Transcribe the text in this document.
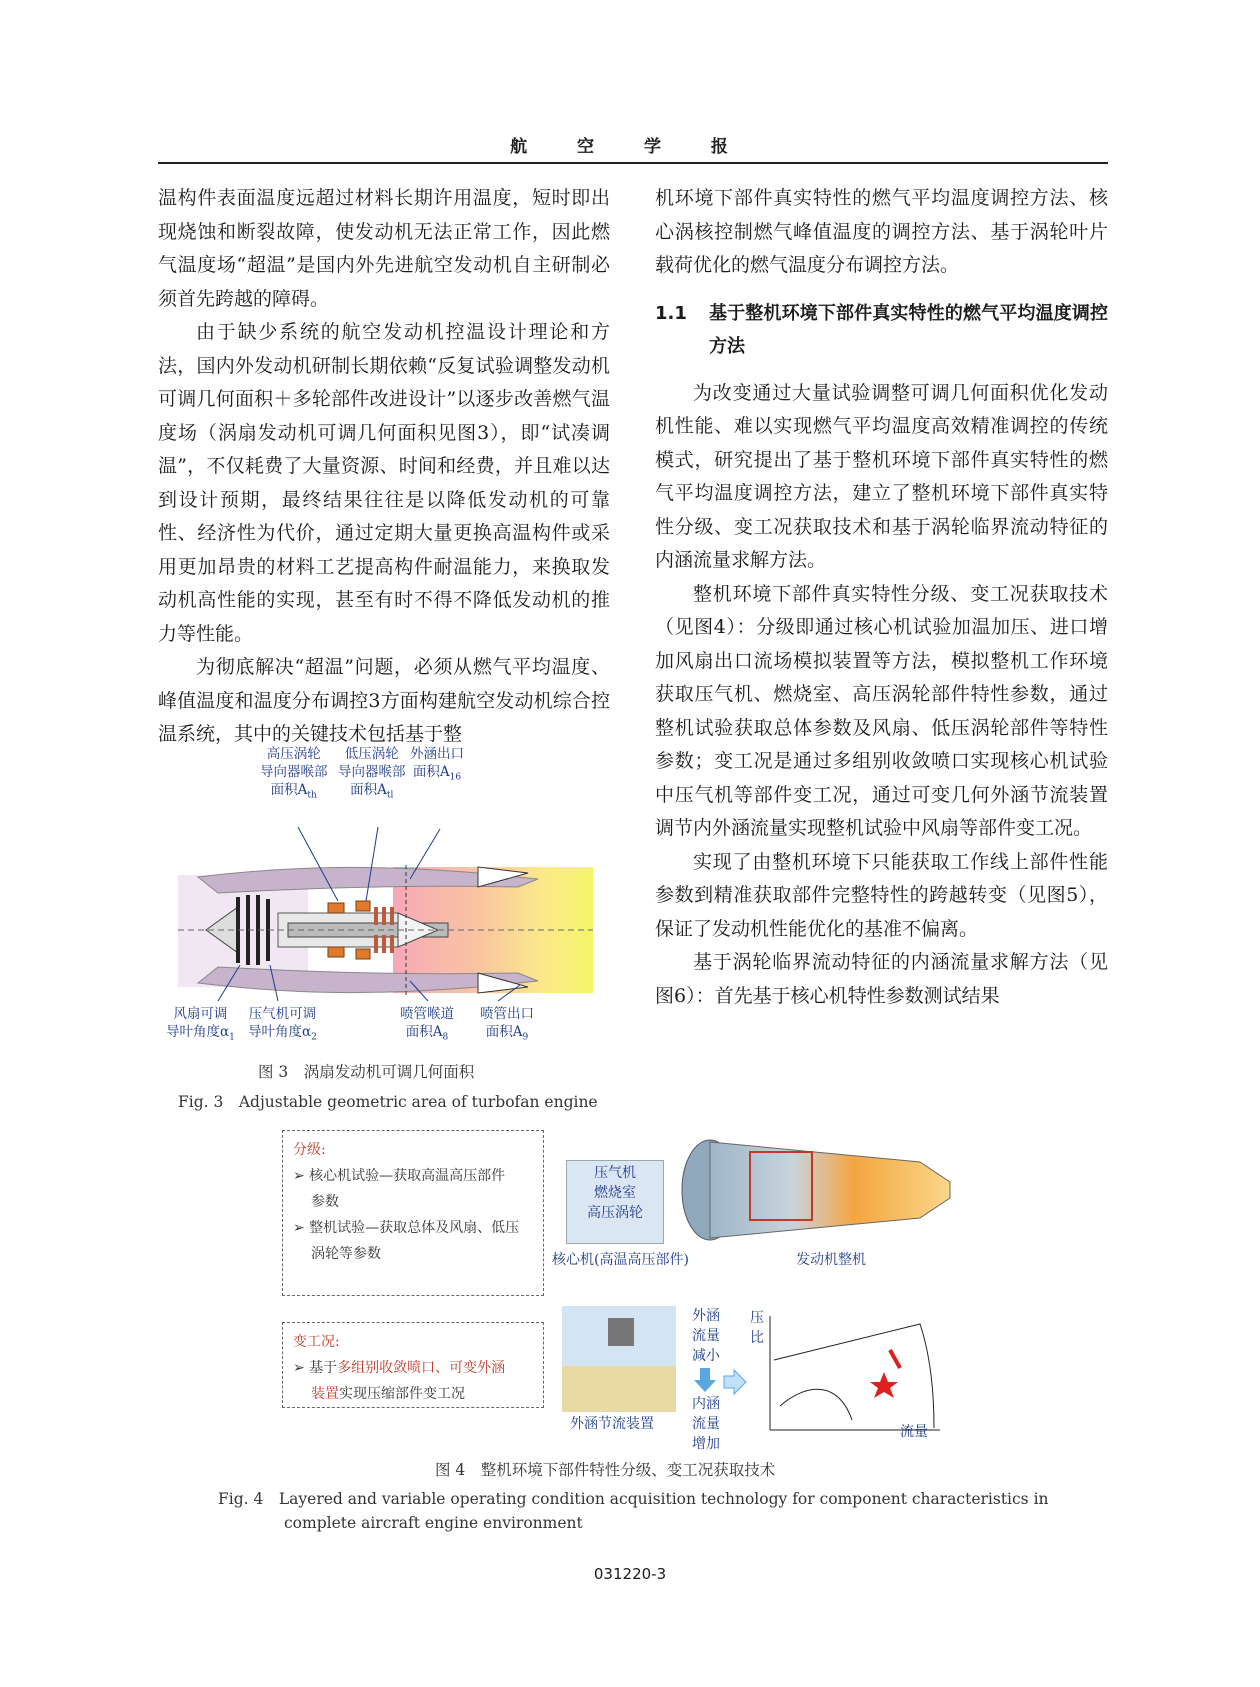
航 空 学 报

温构件表面温度远超过材料长期许用温度，短时即出现烧蚀和断裂故障，使发动机无法正常工作，因此燃气温度场“超温”是国内外先进航空发动机自主研制必须首先跨越的障碍。

由于缺少系统的航空发动机控温设计理论和方法，国内外发动机研制长期依赖“反复试验调整发动机可调几何面积＋多轮部件改进设计”以逐步改善燃气温度场（涡扇发动机可调几何面积见图3），即“试凑调温”，不仅耗费了大量资源、时间和经费，并且难以达到设计预期，最终结果往往是以降低发动机的可靠性、经济性为代价，通过定期大量更换高温构件或采用更加昂贵的材料工艺提高构件耐温能力，来换取发动机高性能的实现，甚至有时不得不降低发动机的推力等性能。

为彻底解决“超温”问题，必须从燃气平均温度、峰值温度和温度分布调控3方面构建航空发动机综合控温系统，其中的关键技术包括基于整

机环境下部件真实特性的燃气平均温度调控方法、核心涡核控制燃气峰值温度的调控方法、基于涡轮叶片载荷优化的燃气温度分布调控方法。

1.1	基于整机环境下部件真实特性的燃气平均温度调控方法

为改变通过大量试验调整可调几何面积优化发动机性能、难以实现燃气平均温度高效精准调控的传统模式，研究提出了基于整机环境下部件真实特性的燃气平均温度调控方法，建立了整机环境下部件真实特性分级、变工况获取技术和基于涡轮临界流动特征的内涵流量求解方法。

整机环境下部件真实特性分级、变工况获取技术（见图4）：分级即通过核心机试验加温加压、进口增加风扇出口流场模拟装置等方法，模拟整机工作环境获取压气机、燃烧室、高压涡轮部件特性参数，通过整机试验获取总体参数及风扇、低压涡轮部件等特性参数；变工况是通过多组别收敛喷口实现核心机试验中压气机等部件变工况，通过可变几何外涵节流装置调节内外涵流量实现整机试验中风扇等部件变工况。

实现了由整机环境下只能获取工作线上部件性能参数到精准获取部件完整特性的跨越转变（见图5），保证了发动机性能优化的基准不偏离。

基于涡轮临界流动特征的内涵流量求解方法（见图6）：首先基于核心机特性参数测试结果

高压涡轮
导向器喉部
面积$A_{th}$
低压涡轮
导向器喉部
面积$A_{tl}$
外涵出口
面积$A_{16}$
风扇可调
导叶角度$\alpha_1$
压气机可调
导叶角度$\alpha_2$
喷管喉道
面积$A_8$
喷管出口
面积$A_9$
图 3　涡扇发动机可调几何面积
Fig. 3　Adjustable geometric area of turbofan engine
分级:
➢ 核心机试验—获取高温高压部件
参数
➢ 整机试验—获取总体及风扇、低压
涡轮等参数
压气机
燃烧室
高压涡轮
核心机(高温高压部件)	发动机整机
变工况:
➢ 基于多组别收敛喷口、可变外涵
装置实现压缩部件变工况
外涵节流装置
外涵
流量
减小
内涵
流量
增加
压
比
流量
图 4　整机环境下部件特性分级、变工况获取技术
Fig. 4　Layered and variable operating condition acquisition technology for component characteristics in
complete aircraft engine environment
031220-3
